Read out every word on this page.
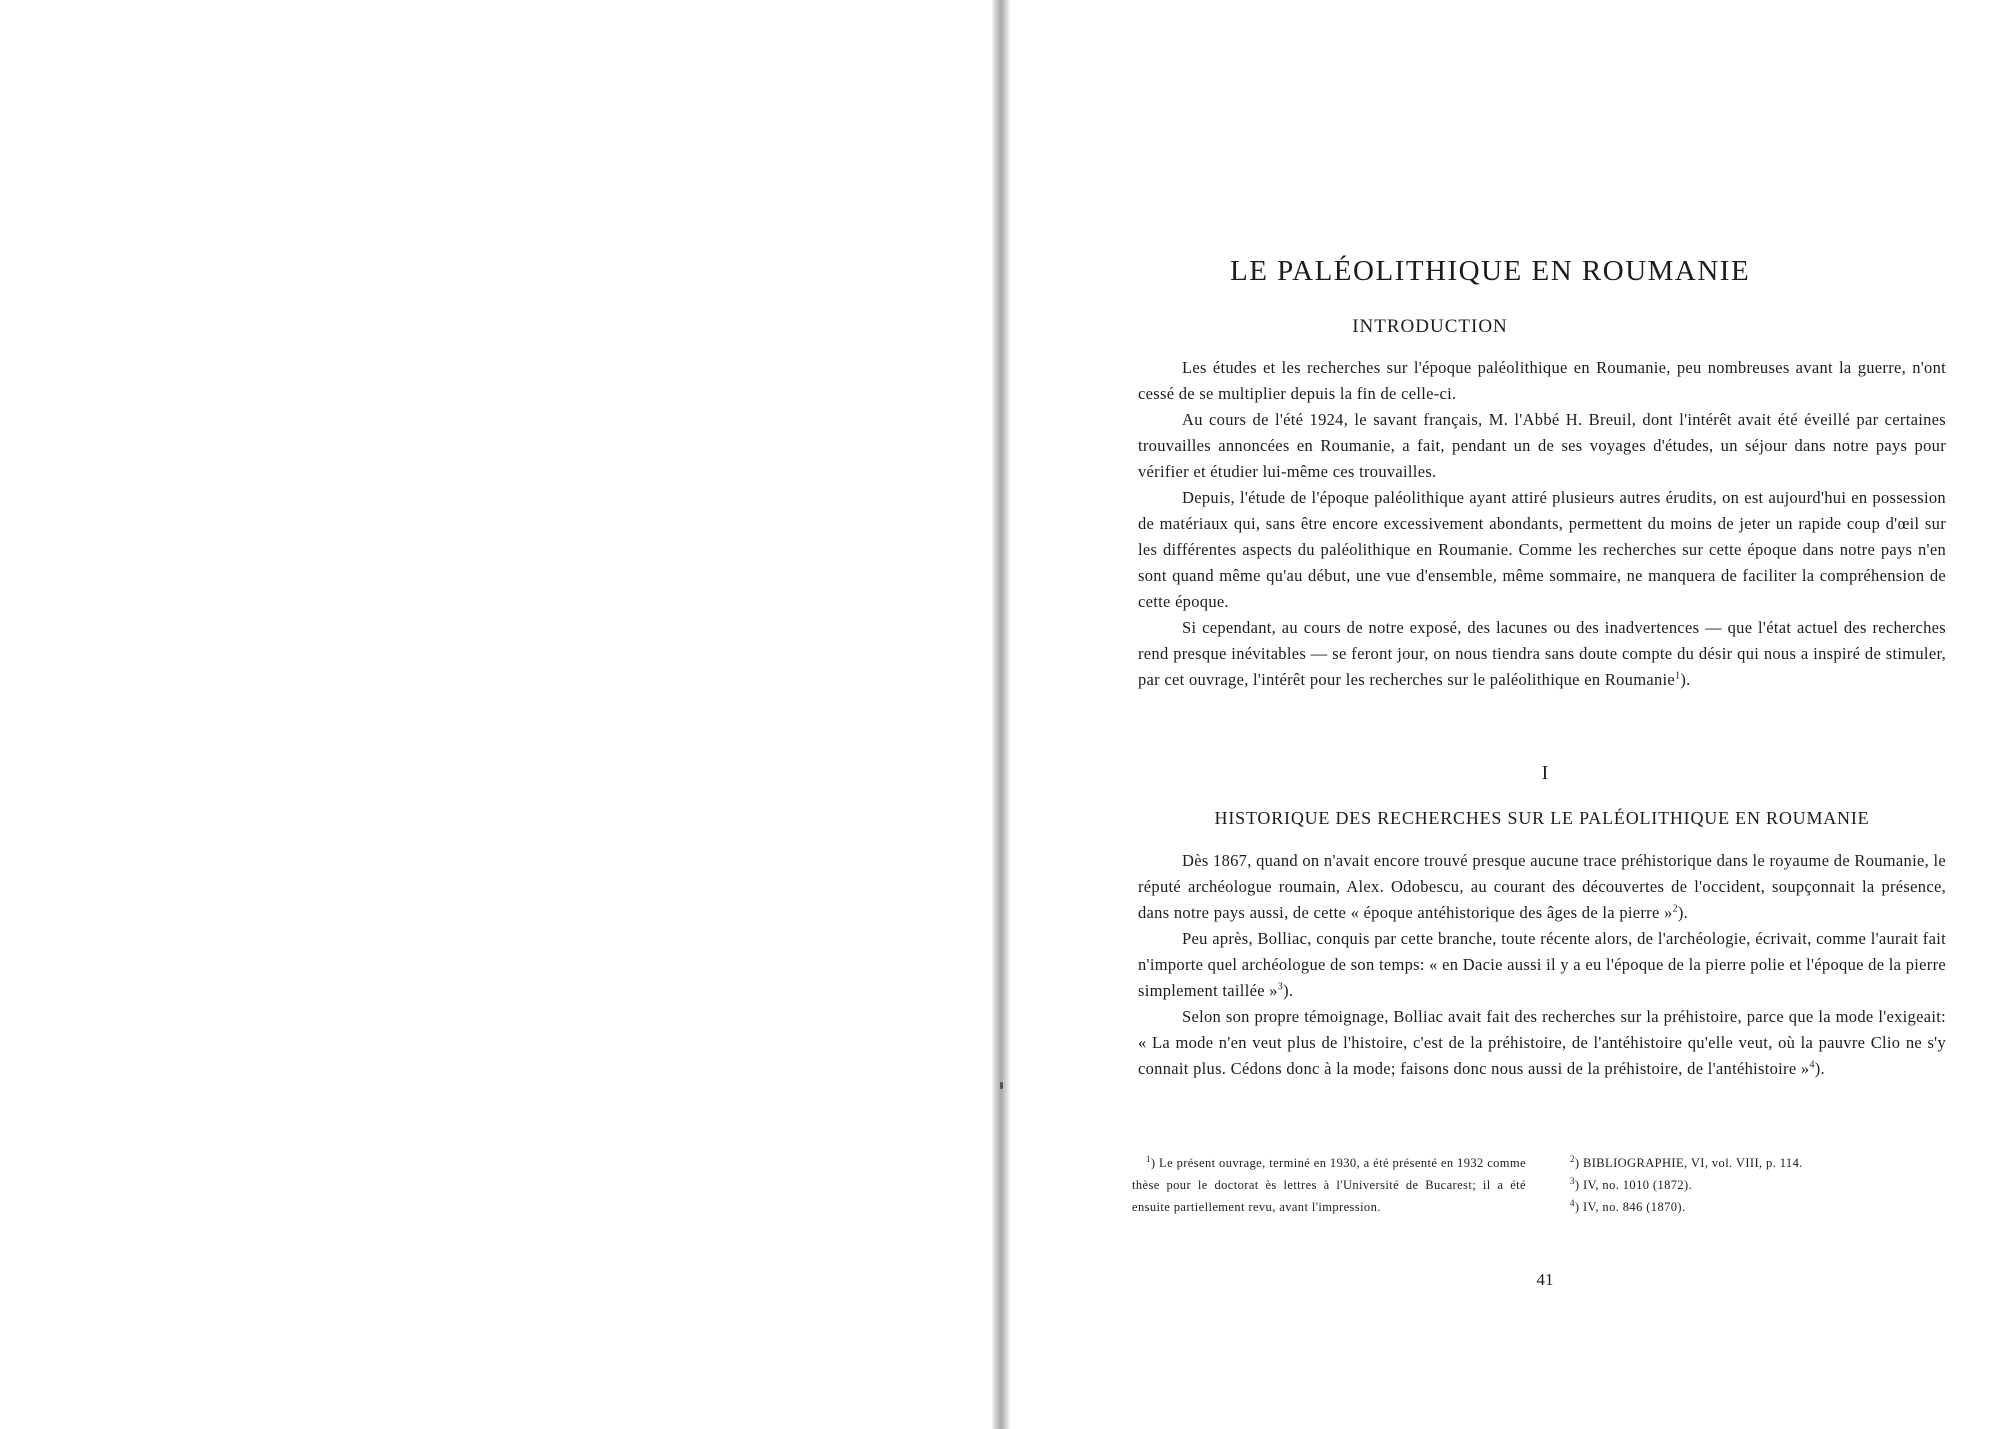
LE PALÉOLITHIQUE EN ROUMANIE
INTRODUCTION

Les études et les recherches sur l'époque paléolithique en Roumanie, peu nombreuses avant la guerre, n'ont cessé de se multiplier depuis la fin de celle-ci.

Au cours de l'été 1924, le savant français, M. l'Abbé H. Breuil, dont l'intérêt avait été éveillé par certaines trouvailles annoncées en Roumanie, a fait, pendant un de ses voyages d'études, un séjour dans notre pays pour vérifier et étudier lui-même ces trouvailles.

Depuis, l'étude de l'époque paléolithique ayant attiré plusieurs autres érudits, on est aujourd'hui en possession de matériaux qui, sans être encore excessivement abondants, permettent du moins de jeter un rapide coup d'œil sur les différentes aspects du paléolithique en Roumanie. Comme les recherches sur cette époque dans notre pays n'en sont quand même qu'au début, une vue d'ensemble, même sommaire, ne manquera de faciliter la compréhension de cette époque.

Si cependant, au cours de notre exposé, des lacunes ou des inadvertences — que l'état actuel des recherches rend presque inévitables — se feront jour, on nous tiendra sans doute compte du désir qui nous a inspiré de stimuler, par cet ouvrage, l'intérêt pour les recherches sur le paléolithique en Roumanie$^1$).

I
HISTORIQUE DES RECHERCHES SUR LE PALÉOLITHIQUE EN ROUMANIE

Dès 1867, quand on n'avait encore trouvé presque aucune trace préhistorique dans le royaume de Roumanie, le réputé archéologue roumain, Alex. Odobescu, au courant des découvertes de l'occident, soupçonnait la présence, dans notre pays aussi, de cette « époque antéhistorique des âges de la pierre »$^2$).

Peu après, Bolliac, conquis par cette branche, toute récente alors, de l'archéologie, écrivait, comme l'aurait fait n'importe quel archéologue de son temps: « en Dacie aussi il y a eu l'époque de la pierre polie et l'époque de la pierre simplement taillée »$^3$).

Selon son propre témoignage, Bolliac avait fait des recherches sur la préhistoire, parce que la mode l'exigeait: « La mode n'en veut plus de l'histoire, c'est de la préhistoire, de l'antéhistoire qu'elle veut, où la pauvre Clio ne s'y connait plus. Cédons donc à la mode; faisons donc nous aussi de la préhistoire, de l'antéhistoire »$^4$).

$^1$) Le présent ouvrage, terminé en 1930, a été présenté en 1932 comme thèse pour le doctorat ès lettres à l'Université de Bucarest; il a été ensuite partiellement revu, avant l'impression.

$^2$) BIBLIOGRAPHIE, VI, vol. VIII, p. 114.

$^3$) IV, no. 1010 (1872).

$^4$) IV, no. 846 (1870).

41
